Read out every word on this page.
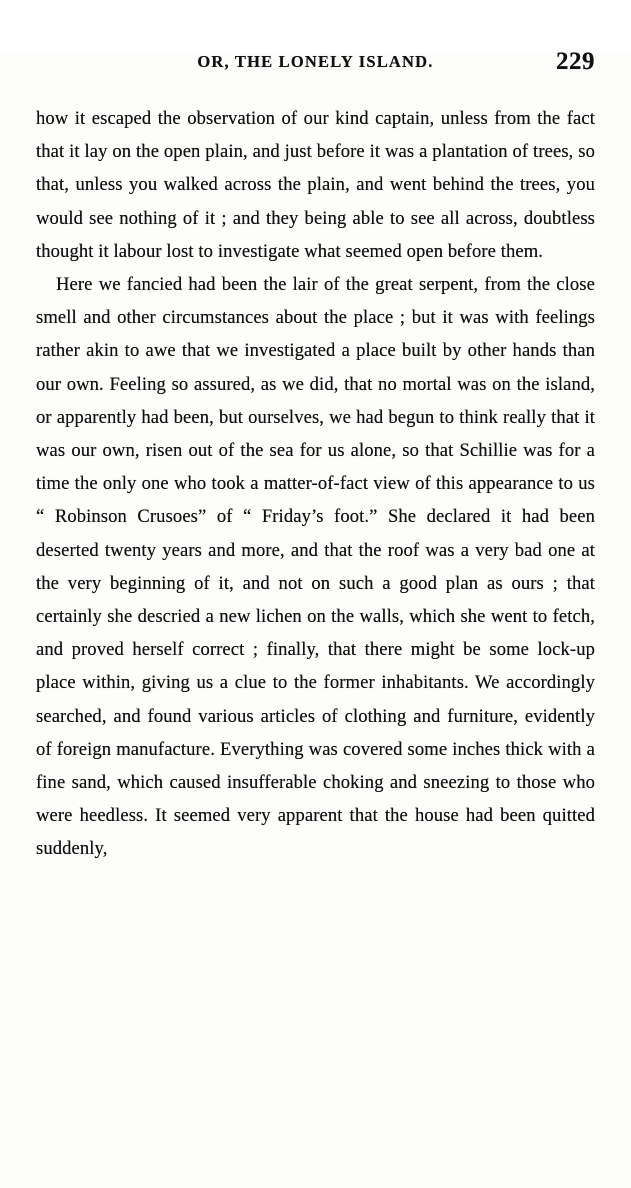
OR, THE LONELY ISLAND.	229

how it escaped the observation of our kind captain, unless from the fact that it lay on the open plain, and just before it was a plantation of trees, so that, unless you walked across the plain, and went behind the trees, you would see nothing of it ; and they being able to see all across, doubtless thought it labour lost to investigate what seemed open before them.

Here we fancied had been the lair of the great serpent, from the close smell and other circumstances about the place ; but it was with feelings rather akin to awe that we investigated a place built by other hands than our own. Feeling so assured, as we did, that no mortal was on the island, or apparently had been, but ourselves, we had begun to think really that it was our own, risen out of the sea for us alone, so that Schillie was for a time the only one who took a matter-of-fact view of this appearance to us “ Robinson Crusoes” of “ Friday’s foot.” She declared it had been deserted twenty years and more, and that the roof was a very bad one at the very beginning of it, and not on such a good plan as ours ; that certainly she descried a new lichen on the walls, which she went to fetch, and proved herself correct ; finally, that there might be some lock-up place within, giving us a clue to the former inhabitants. We accordingly searched, and found various articles of clothing and furniture, evidently of foreign manufacture. Everything was covered some inches thick with a fine sand, which caused insufferable choking and sneezing to those who were heedless. It seemed very apparent that the house had been quitted suddenly,
